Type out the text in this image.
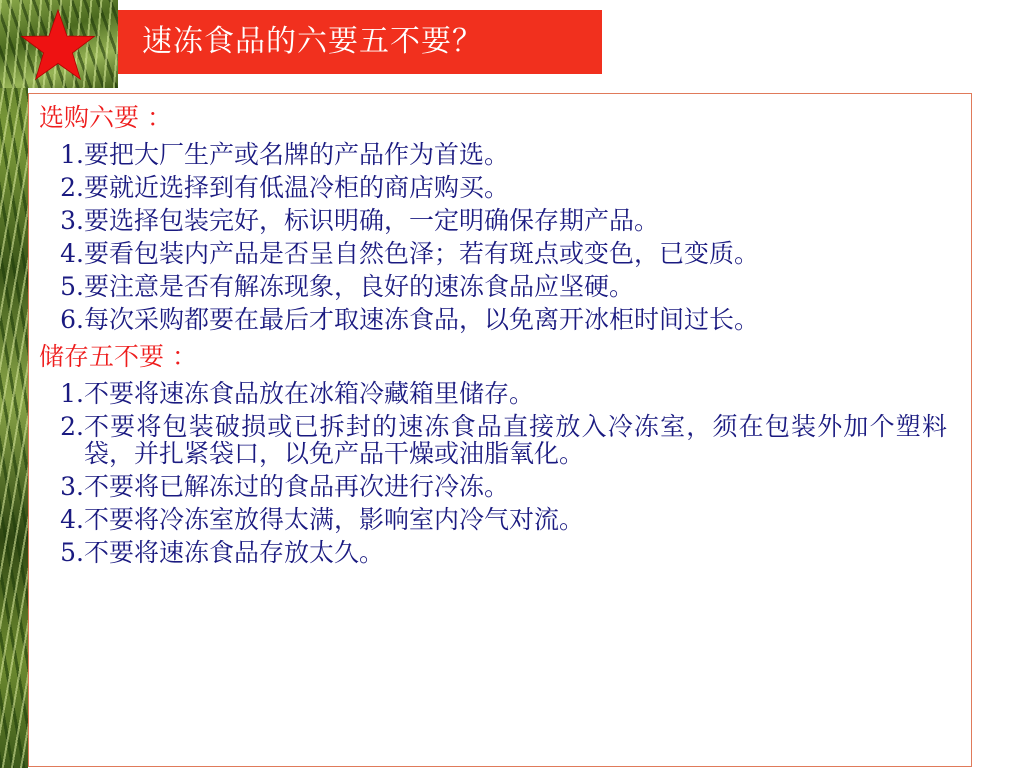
速冻食品的六要五不要？

选购六要 ：

1. 要把大厂生产或名牌的产品作为首选。
2. 要就近选择到有低温冷柜的商店购买。
3. 要选择包装完好，标识明确，一定明确保存期产品。
4. 要看包装内产品是否呈自然色泽；若有斑点或变色，已变质。
5. 要注意是否有解冻现象，良好的速冻食品应坚硬。
6. 每次采购都要在最后才取速冻食品，以免离开冰柜时间过长。

储存五不要 ：

1. 不要将速冻食品放在冰箱冷藏箱里储存。
2. 不要将包装破损或已拆封的速冻食品直接放入冷冻室，须在包装外加个塑料袋，并扎紧袋口，以免产品干燥或油脂氧化。
3. 不要将已解冻过的食品再次进行冷冻。
4. 不要将冷冻室放得太满，影响室内冷气对流。
5. 不要将速冻食品存放太久。
